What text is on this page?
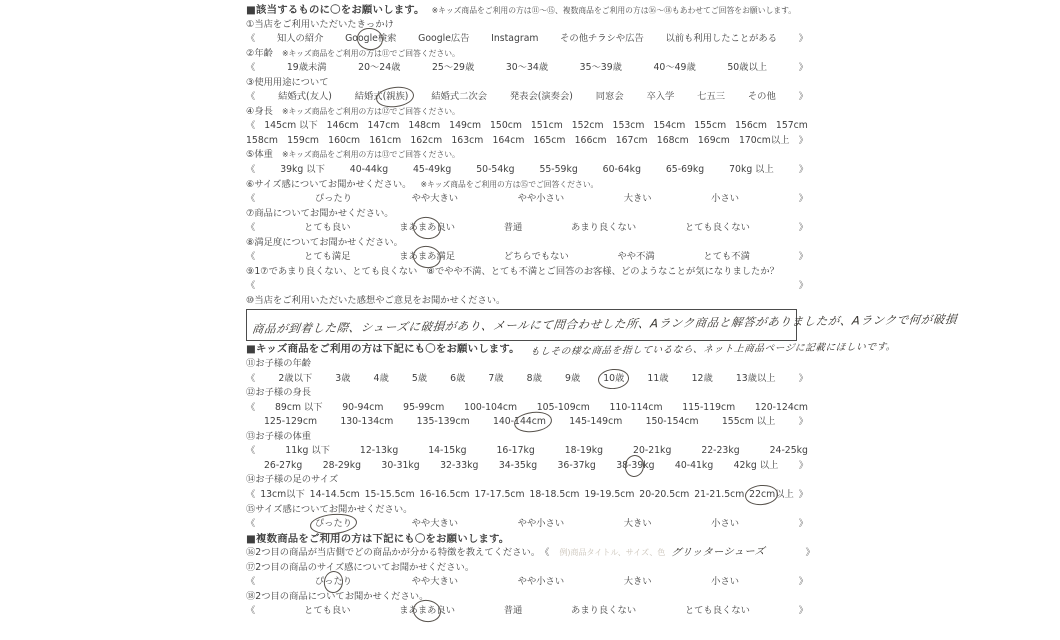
■該当するものに〇をお願いします。 ※キッズ商品をご利用の方は⑪〜⑮、複数商品をご利用の方は⑯〜⑱もあわせてご回答をお願いします。
①当店をご利用いただいたきっかけ
《 知人の紹介 Google検索 Google広告 Instagram その他チラシや広告 以前も利用したことがある 》
②年齢 ※キッズ商品をご利用の方は⑪でご回答ください。
《	19歳未満	20〜24歳	25〜29歳	30〜34歳	35〜39歳	40〜49歳	50歳以上	》
③使用用途について
《 結婚式(友人) 結婚式(親族) 結婚式二次会 発表会(演奏会) 同窓会 卒入学 七五三 その他 》
④身長 ※キッズ商品をご利用の方は⑫でご回答ください。
《 145cm 以下 146cm 147cm 148cm 149cm 150cm 151cm 152cm 153cm 154cm 155cm 156cm 157cm
158cm 159cm 160cm 161cm 162cm 163cm 164cm 165cm 166cm 167cm 168cm 169cm 170cm以上 》
⑤体重 ※キッズ商品をご利用の方は⑬でご回答ください。
《	39kg 以下	40-44kg	45-49kg	50-54kg	55-59kg	60-64kg	65-69kg	70kg 以上	》
⑥サイズ感についてお聞かせください。 ※キッズ商品をご利用の方は⑮でご回答ください。
《	ぴったり	やや大きい	やや小さい	大きい	小さい	》
⑦商品についてお聞かせください。
《	とても良い	まあまあ良い	普通	あまり良くない	とても良くない	》
⑧満足度についてお聞かせください。
《	とても満足	まあまあ満足	どちらでもない	やや不満	とても不満	》
⑨1⑦であまり良くない、とても良くない　⑧でやや不満、とても不満とご回答のお客様、どのようなことが気になりましたか？
《	》
⑩当店をご利用いただいた感想やご意見をお聞かせください。
商品が到着した際、シューズに破損があり、メールにて問合わせした所、Aランク商品と解答がありましたが、Aランクで何が破損
■キッズ商品をご利用の方は下記にも〇をお願いします。 もしその様な商品を指しているなら、ネット上商品ページに記載にほしいです。
⑪お子様の年齢
《 2歳以下 3歳 4歳 5歳 6歳 7歳 8歳 9歳 10歳 11歳 12歳 13歳以上 》
⑫お子様の身長
《 89cm 以下 90-94cm 95-99cm 100-104cm 105-109cm 110-114cm 115-119cm 120-124cm
125-129cm	130-134cm	135-139cm	140-144cm	145-149cm	150-154cm	155cm 以上	》
⑬お子様の体重
《	11kg 以下	12-13kg	14-15kg	16-17kg	18-19kg	20-21kg	22-23kg	24-25kg
26-27kg 28-29kg 30-31kg 32-33kg 34-35kg 36-37kg 38-39kg 40-41kg 42kg 以上 》
⑭お子様の足のサイズ
《 13cm以下 14-14.5cm 15-15.5cm 16-16.5cm 17-17.5cm 18-18.5cm 19-19.5cm 20-20.5cm 21-21.5cm 22cm以上 》
⑮サイズ感についてお聞かせください。
《	ぴったり	やや大きい	やや小さい	大きい	小さい	》
■複数商品をご利用の方は下記にも〇をお願いします。
⑯2つ目の商品が当店側でどの商品かが分かる特徴を教えてください。 《 例)商品タイトル、サイズ、色 グリッターシューズ	》
⑰2つ目の商品のサイズ感についてお聞かせください。
《	ぴったり	やや大きい	やや小さい	大きい	小さい	》
⑱2つ目の商品についてお聞かせください。
《	とても良い	まあまあ良い	普通	あまり良くない	とても良くない	》
